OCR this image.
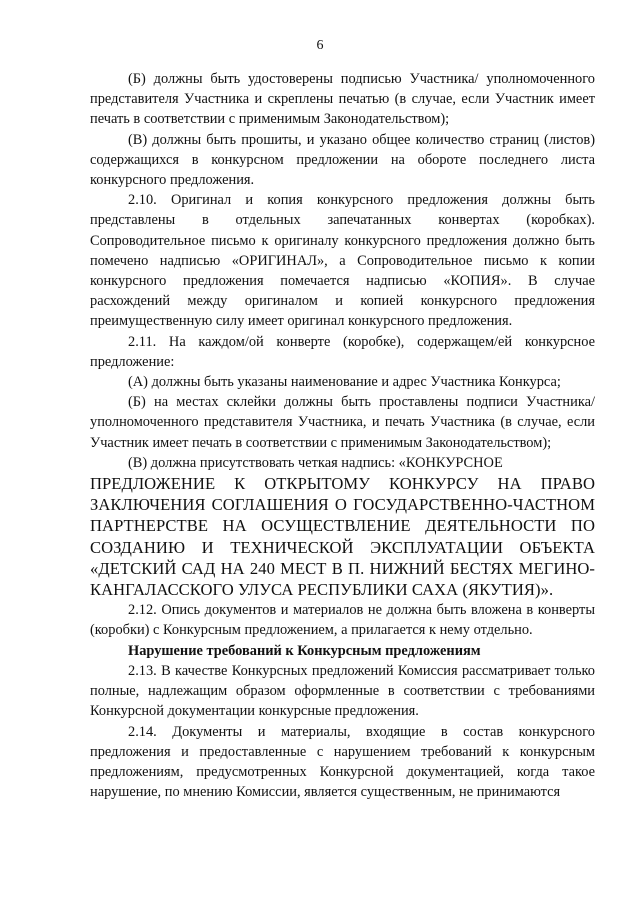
6

(Б) должны быть удостоверены подписью Участника/ уполномоченного представителя Участника и скреплены печатью (в случае, если Участник имеет печать в соответствии с применимым Законодательством);

(В) должны быть прошиты, и указано общее количество страниц (листов) содержащихся в конкурсном предложении на обороте последнего листа конкурсного предложения.

2.10. Оригинал и копия конкурсного предложения должны быть представлены в отдельных запечатанных конвертах (коробках). Сопроводительное письмо к оригиналу конкурсного предложения должно быть помечено надписью «ОРИГИНАЛ», а Сопроводительное письмо к копии конкурсного предложения помечается надписью «КОПИЯ». В случае расхождений между оригиналом и копией конкурсного предложения преимущественную силу имеет оригинал конкурсного предложения.

2.11. На каждом/ой конверте (коробке), содержащем/ей конкурсное предложение:

(А) должны быть указаны наименование и адрес Участника Конкурса;

(Б) на местах склейки должны быть проставлены подписи Участника/уполномоченного представителя Участника, и печать Участника (в случае, если Участник имеет печать в соответствии с применимым Законодательством);

(В) должна присутствовать четкая надпись: «КОНКУРСНОЕ

ПРЕДЛОЖЕНИЕ К ОТКРЫТОМУ КОНКУРСУ НА ПРАВО ЗАКЛЮЧЕНИЯ СОГЛАШЕНИЯ О ГОСУДАРСТВЕННО-ЧАСТНОМ ПАРТНЕРСТВЕ НА ОСУЩЕСТВЛЕНИЕ ДЕЯТЕЛЬНОСТИ ПО СОЗДАНИЮ И ТЕХНИЧЕСКОЙ ЭКСПЛУАТАЦИИ ОБЪЕКТА «ДЕТСКИЙ САД НА 240 МЕСТ В П. НИЖНИЙ БЕСТЯХ МЕГИНО-КАНГАЛАССКОГО УЛУСА РЕСПУБЛИКИ САХА (ЯКУТИЯ)».

2.12. Опись документов и материалов не должна быть вложена в конверты (коробки) с Конкурсным предложением, а прилагается к нему отдельно.

Нарушение требований к Конкурсным предложениям

2.13. В качестве Конкурсных предложений Комиссия рассматривает только полные, надлежащим образом оформленные в соответствии с требованиями Конкурсной документации конкурсные предложения.

2.14. Документы и материалы, входящие в состав конкурсного предложения и предоставленные с нарушением требований к конкурсным предложениям, предусмотренных Конкурсной документацией, когда такое нарушение, по мнению Комиссии, является существенным, не принимаются
